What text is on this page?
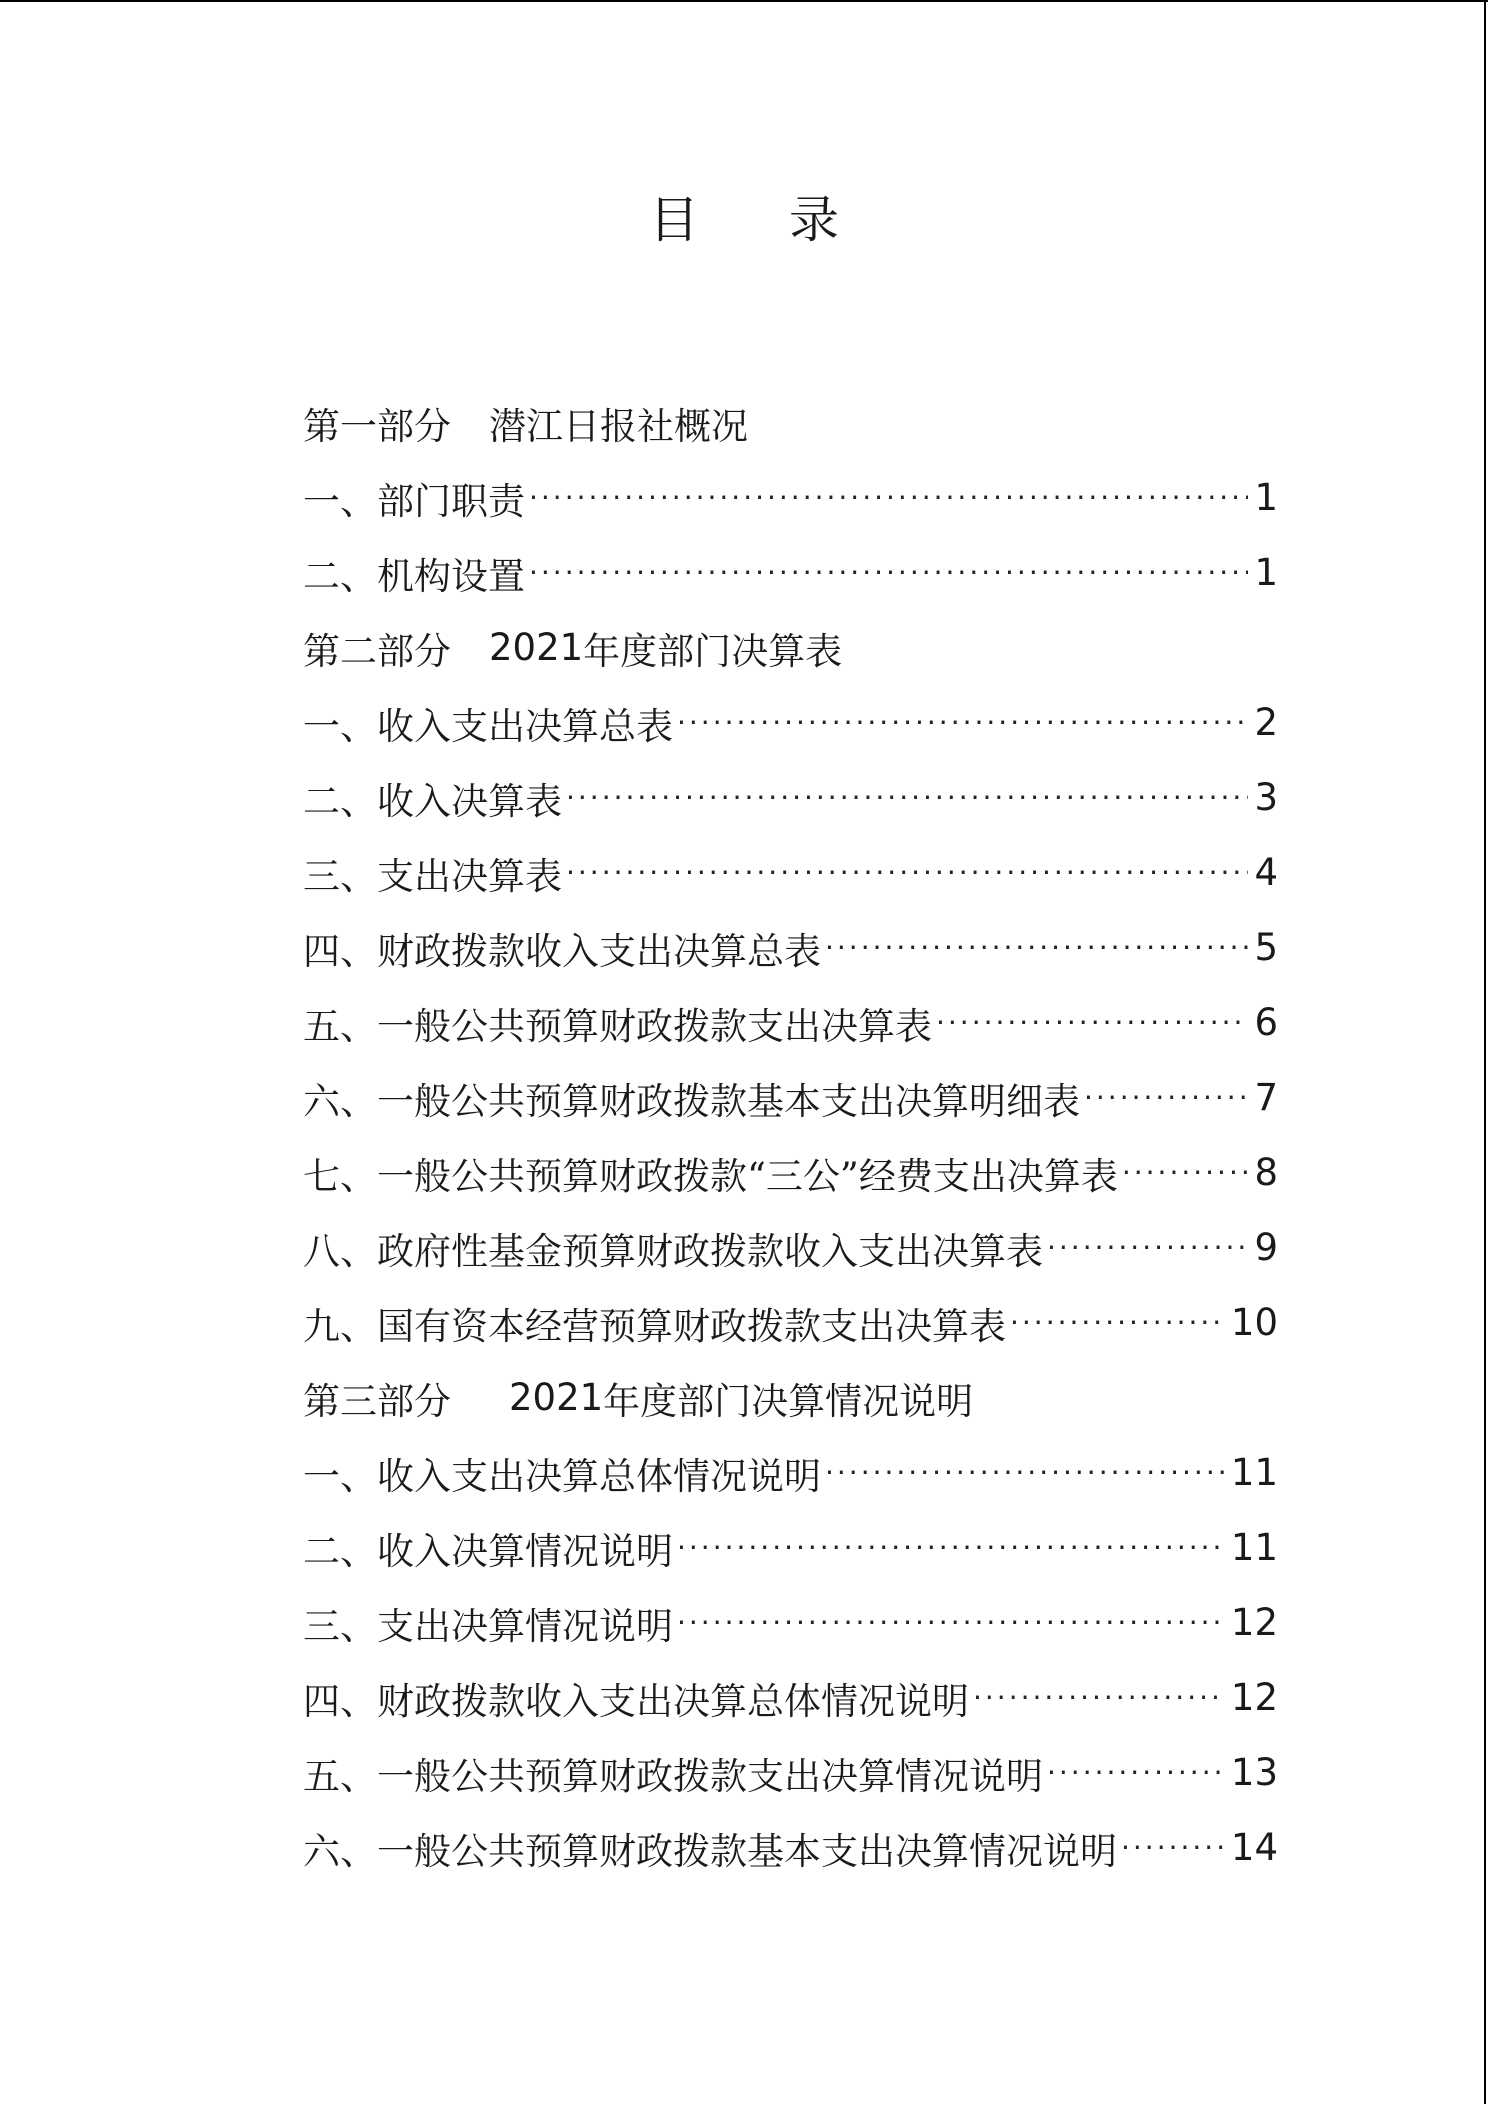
目 录
第一部分 潜江日报社概况
一、部门职责 ·····	1
二、机构设置 ·····	1
第二部分 2021 年度部门决算表
一、收入支出决算总表 ·····	2
二、收入决算表 ·····	3
三、支出决算表 ·····	4
四、财政拨款收入支出决算总表 ·····	5
五、一般公共预算财政拨款支出决算表 ·····	6
六、一般公共预算财政拨款基本支出决算明细表 ·····	7
七、一般公共预算财政拨款“三公”经费支出决算表 ·····	8
八、政府性基金预算财政拨款收入支出决算表 ·····	9
九、国有资本经营预算财政拨款支出决算表 ·····	10
第三部分 2021 年度部门决算情况说明
一、收入支出决算总体情况说明 ·····	11
二、收入决算情况说明 ·····	11
三、支出决算情况说明 ·····	12
四、财政拨款收入支出决算总体情况说明 ·····	12
五、一般公共预算财政拨款支出决算情况说明 ·····	13
六、一般公共预算财政拨款基本支出决算情况说明 ·····	14
